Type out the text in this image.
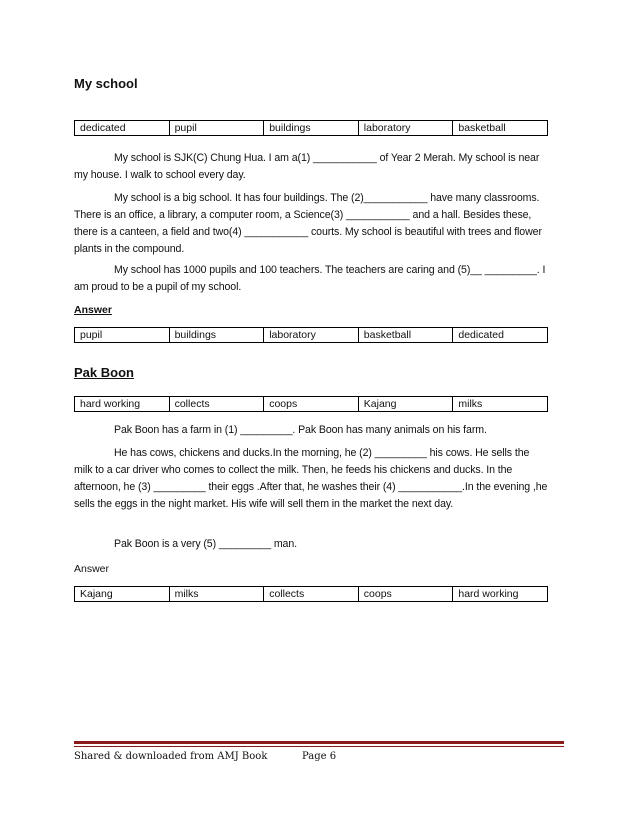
My school
dedicated	pupil	buildings	laboratory	basketball

My school is SJK(C) Chung Hua. I am a(1) ___________ of Year 2 Merah. My school is near my house. I walk to school every day.

My school is a big school. It has four buildings. The (2)___________ have many classrooms. There is an office, a library, a computer room, a Science(3) ___________ and a hall. Besides these, there is a canteen, a field and two(4) ___________ courts. My school is beautiful with trees and flower plants in the compound.

My school has 1000 pupils and 100 teachers. The teachers are caring and (5)__ _________. I am proud to be a pupil of my school.

Answer
pupil	buildings	laboratory	basketball	dedicated
Pak Boon
hard working	collects	coops	Kajang	milks

Pak Boon has a farm in (1) _________. Pak Boon has many animals on his farm.

He has cows, chickens and ducks.In the morning, he (2) _________ his cows. He sells the milk to a car driver who comes to collect the milk. Then, he feeds his chickens and ducks. In the afternoon, he (3) _________ their eggs .After that, he washes their (4) ___________.In the evening ,he sells the eggs in the night market. His wife will sell them in the market the next day.

Pak Boon is a very (5) _________ man.

Answer
Kajang	milks	collects	coops	hard working
Shared & downloaded from AMJ Book	Page 6
